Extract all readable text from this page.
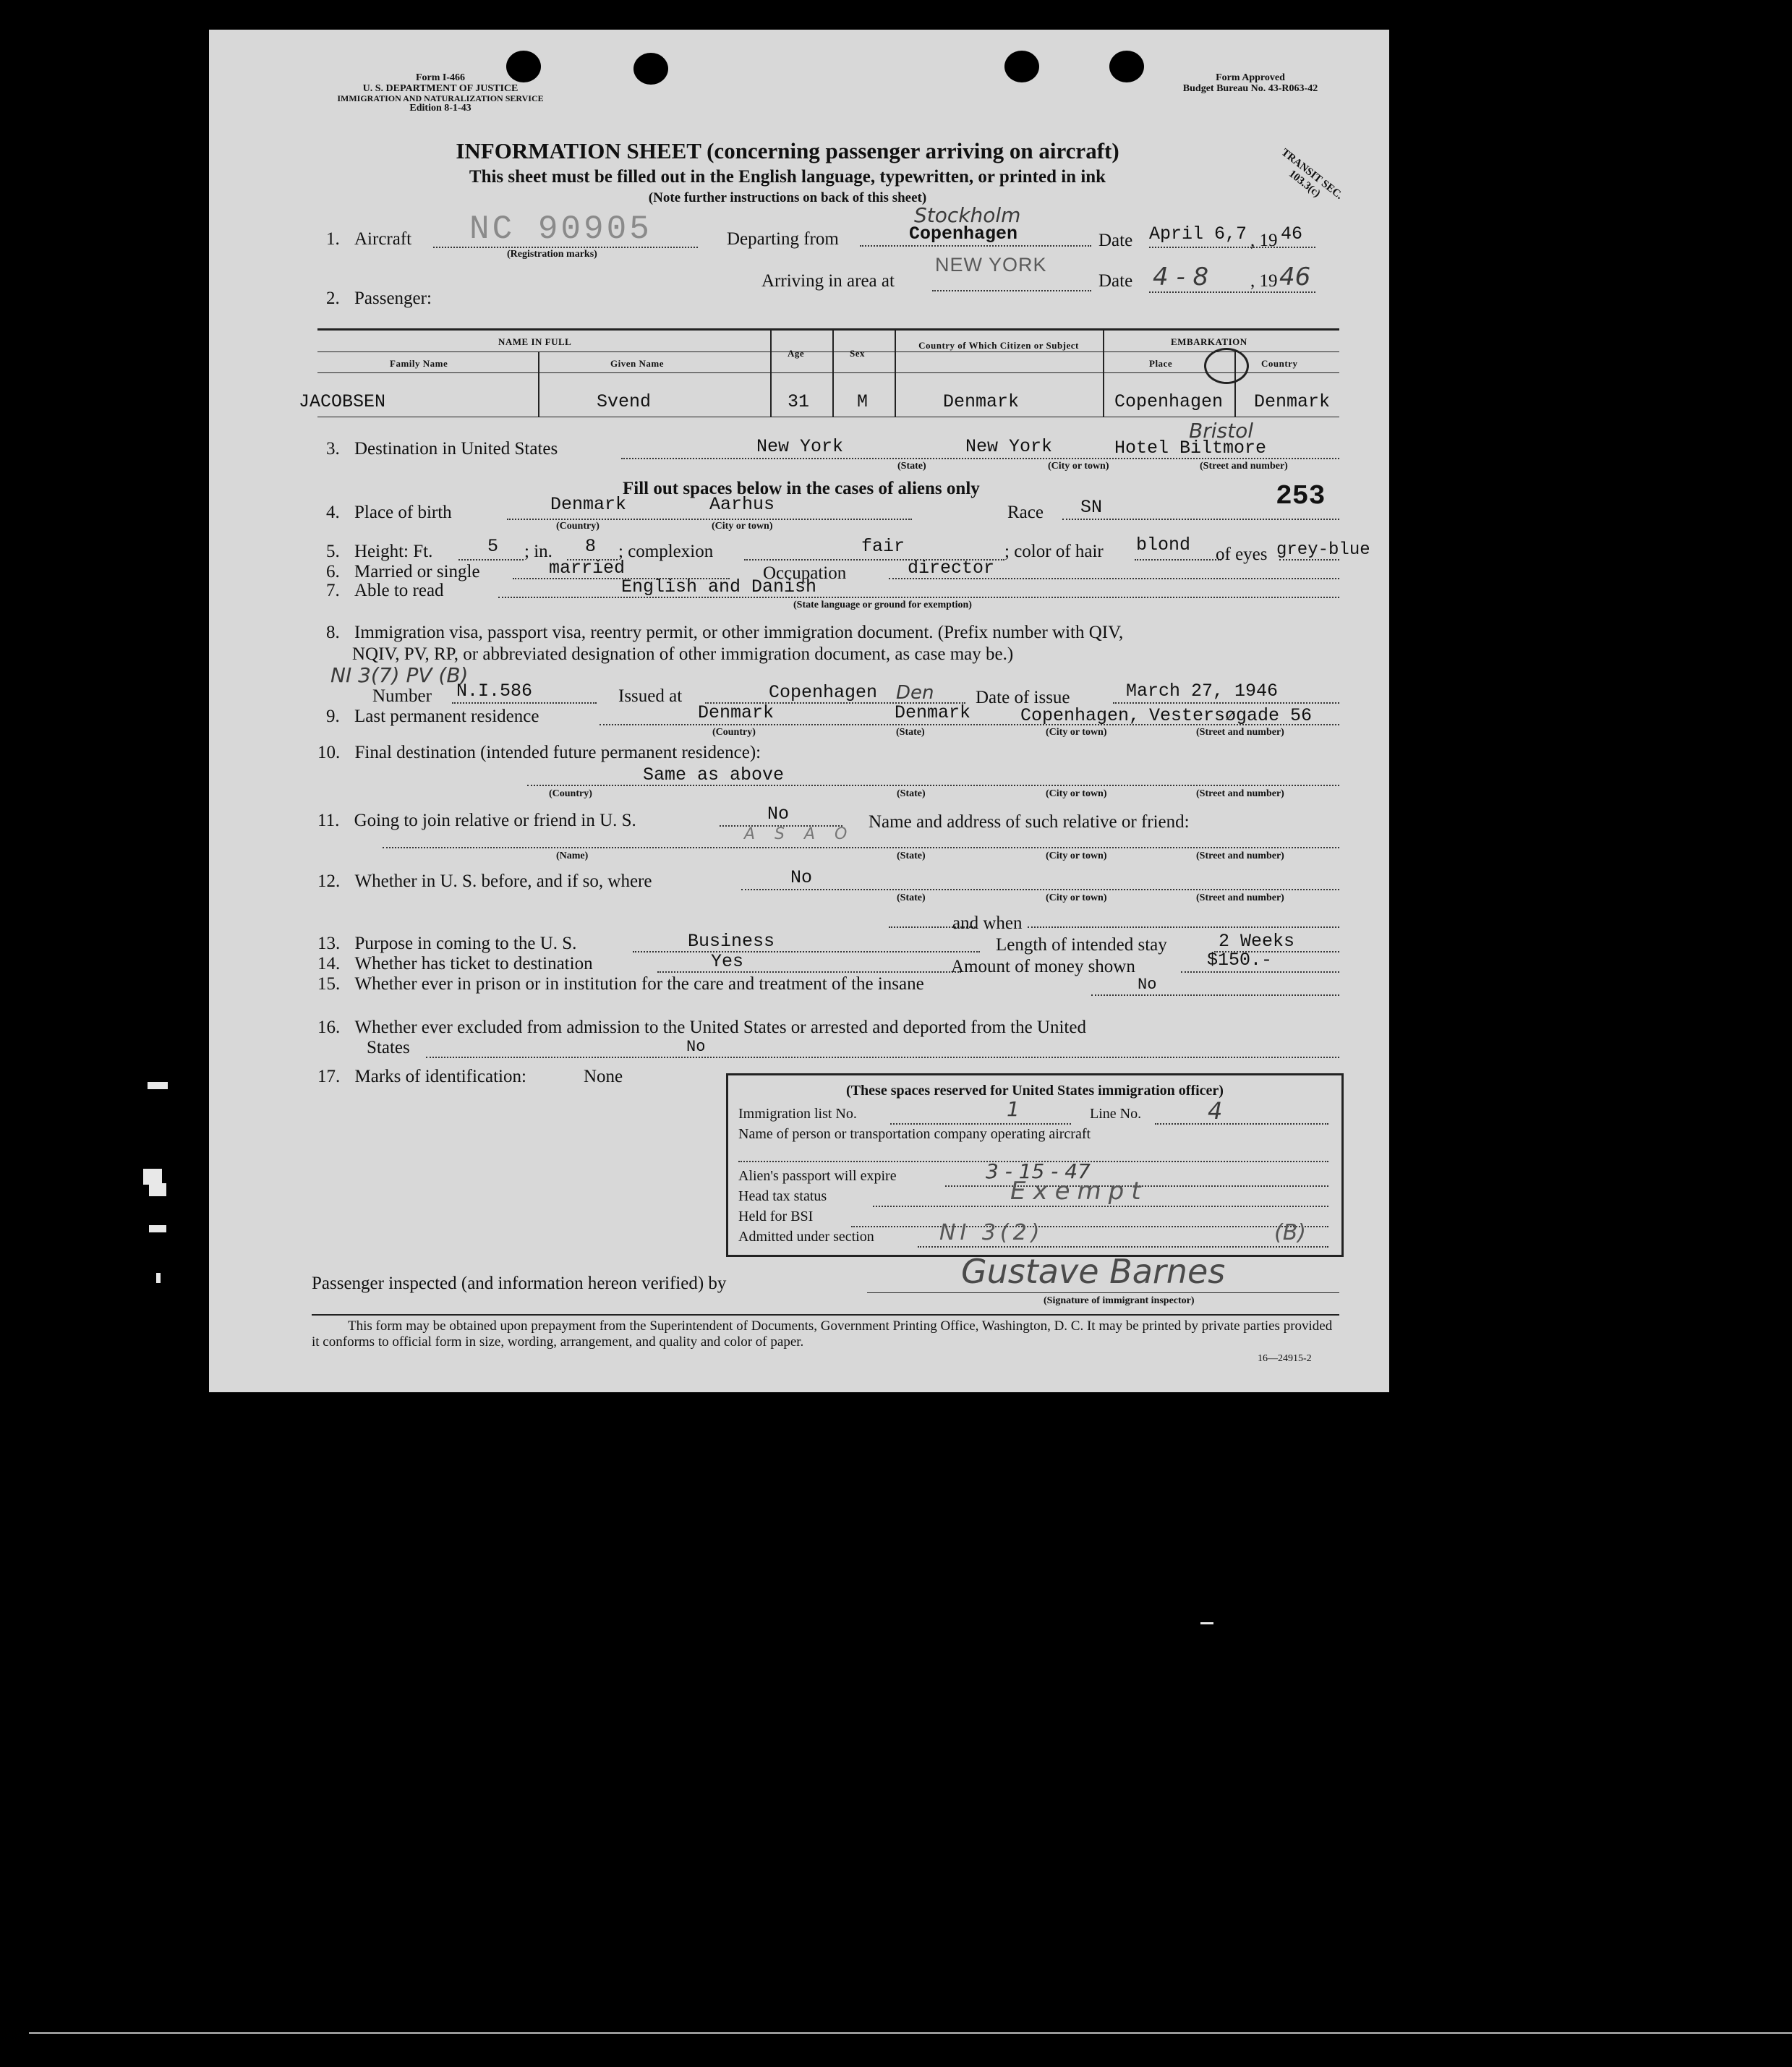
Form I-466
U. S. DEPARTMENT OF JUSTICE
IMMIGRATION AND NATURALIZATION SERVICE
Edition 8-1-43
Form Approved
Budget Bureau No. 43-R063-42
INFORMATION SHEET (concerning passenger arriving on aircraft)
This sheet must be filled out in the English language, typewritten, or printed in ink
(Note further instructions on back of this sheet)	TRANSIT SEC. 103.3(c)
1. Aircraft NC 90905
(Registration marks)
Departing from	Copenhagen
Stockholm
Date April 6,7 , 19 46
Arriving in area at
NEW YORK
Date 4 - 8 , 19 46
2. Passenger:
NAME IN FULL
Family Name	Given Name
Age	Sex
Country of Which Citizen or Subject	EMBARKATION
Place	Country
JACOBSEN	Svend	31	M	Denmark	Copenhagen Denmark
3. Destination in United States	New York	New York	Hotel Biltmore
Bristol
(State)	(City or town)	(Street and number)
Fill out spaces below in the cases of aliens only
4. Place of birth	Denmark	Aarhus
(Country)	(City or town)
Race SN	253
5. Height: Ft.	5 ; in. 8 ; complexion	fair	; color of hair blond of eyes grey-blue
6. Married or single	married	Occupation	director
7. Able to read	English and Danish
(State language or ground for exemption)
8. Immigration visa, passport visa, reentry permit, or other immigration document. (Prefix number with QIV,
NQIV, PV, RP, or abbreviated designation of other immigration document, as case may be.)
NI 3(7) PV (B)
Number N.I.586	Issued at	Copenhagen Den Date of issue	March 27, 1946
9. Last permanent residence	Denmark	Denmark	Copenhagen, Vestersøgade 56
(Country)	(State)	(City or town)	(Street and number)
10. Final destination (intended future permanent residence):
Same as above
(Country)	(State)	(City or town)	(Street and number)
11. Going to join relative or friend in U. S.	No
A S A O
Name and address of such relative or friend:
(Name)	(State)	(City or town)	(Street and number)
12. Whether in U. S. before, and if so, where	No
(State)	(City or town)	(Street and number)
and when
13. Purpose in coming to the U. S.	Business	Length of intended stay	2 Weeks
14. Whether has ticket to destination	Yes	Amount of money shown	$150.-
15. Whether ever in prison or in institution for the care and treatment of the insane	No
16. Whether ever excluded from admission to the United States or arrested and deported from the United
States	No
17. Marks of identification:	None
(These spaces reserved for United States immigration officer)
Immigration list No.	1	Line No.	4
Name of person or transportation company operating aircraft
Alien's passport will expire	3 - 15 - 47
Head tax status	Exempt
Held for BSI
Admitted under section	NI 3(2)	(B)
Passenger inspected (and information hereon verified) by	Gustave Barnes
(Signature of immigrant inspector)
This form may be obtained upon prepayment from the Superintendent of Documents, Government Printing Office, Washington, D. C. It may be printed by private parties provided it conforms to official form in size, wording, arrangement, and quality and color of paper.
16—24915-2
